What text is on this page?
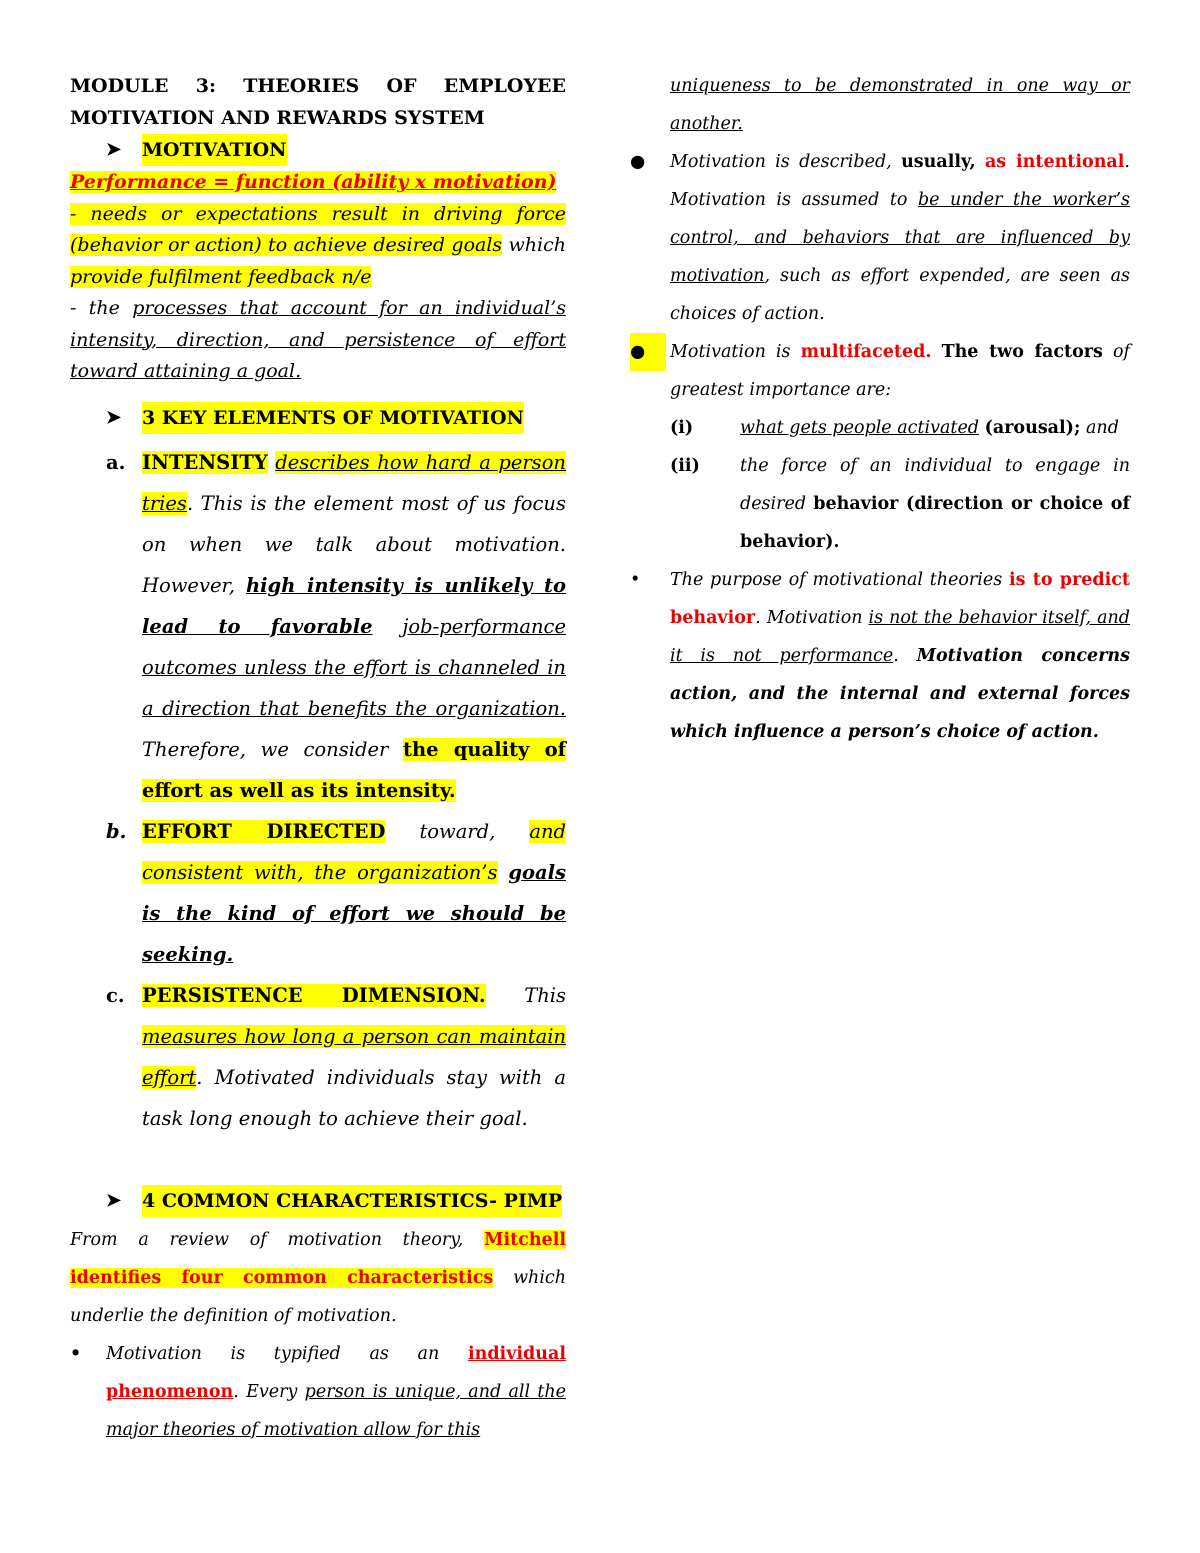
MODULE 3: THEORIES OF EMPLOYEE

MOTIVATION AND REWARDS SYSTEM

➤	MOTIVATION

Performance = function (ability x motivation)

- needs or expectations result in driving force (behavior or action) to achieve desired goals which provide fulfilment feedback n/e

- the processes that account for an individual’s intensity, direction, and persistence of effort toward attaining a goal.

➤	3 KEY ELEMENTS OF MOTIVATION
a. INTENSITY describes how hard a person tries. This is the element most of us focus on when we talk about motivation. However, high intensity is unlikely to lead to favorable job-performance outcomes unless the effort is channeled in a direction that benefits the organization. Therefore, we consider the quality of effort as well as its intensity.
b. EFFORT DIRECTED toward, and consistent with, the organization’s goals is the kind of effort we should be seeking.
c. PERSISTENCE DIMENSION. This measures how long a person can maintain effort. Motivated individuals stay with a task long enough to achieve their goal.
➤	4 COMMON CHARACTERISTICS- PIMP

From a review of motivation theory, Mitchell identifies four common characteristics which underlie the definition of motivation.

• Motivation is typified as an individual phenomenon. Every person is unique, and all the major theories of motivation allow for this

uniqueness to be demonstrated in one way or another.

● Motivation is described, usually, as intentional. Motivation is assumed to be under the worker’s control, and behaviors that are influenced by motivation, such as effort expended, are seen as choices of action.
●	Motivation is multifaceted. The two factors of greatest importance are:
(i)	what gets people activated (arousal); and
(ii) the force of an individual to engage in desired behavior (direction or choice of behavior).
• The purpose of motivational theories is to predict behavior. Motivation is not the behavior itself, and it is not performance. Motivation concerns action, and the internal and external forces which influence a person’s choice of action.
